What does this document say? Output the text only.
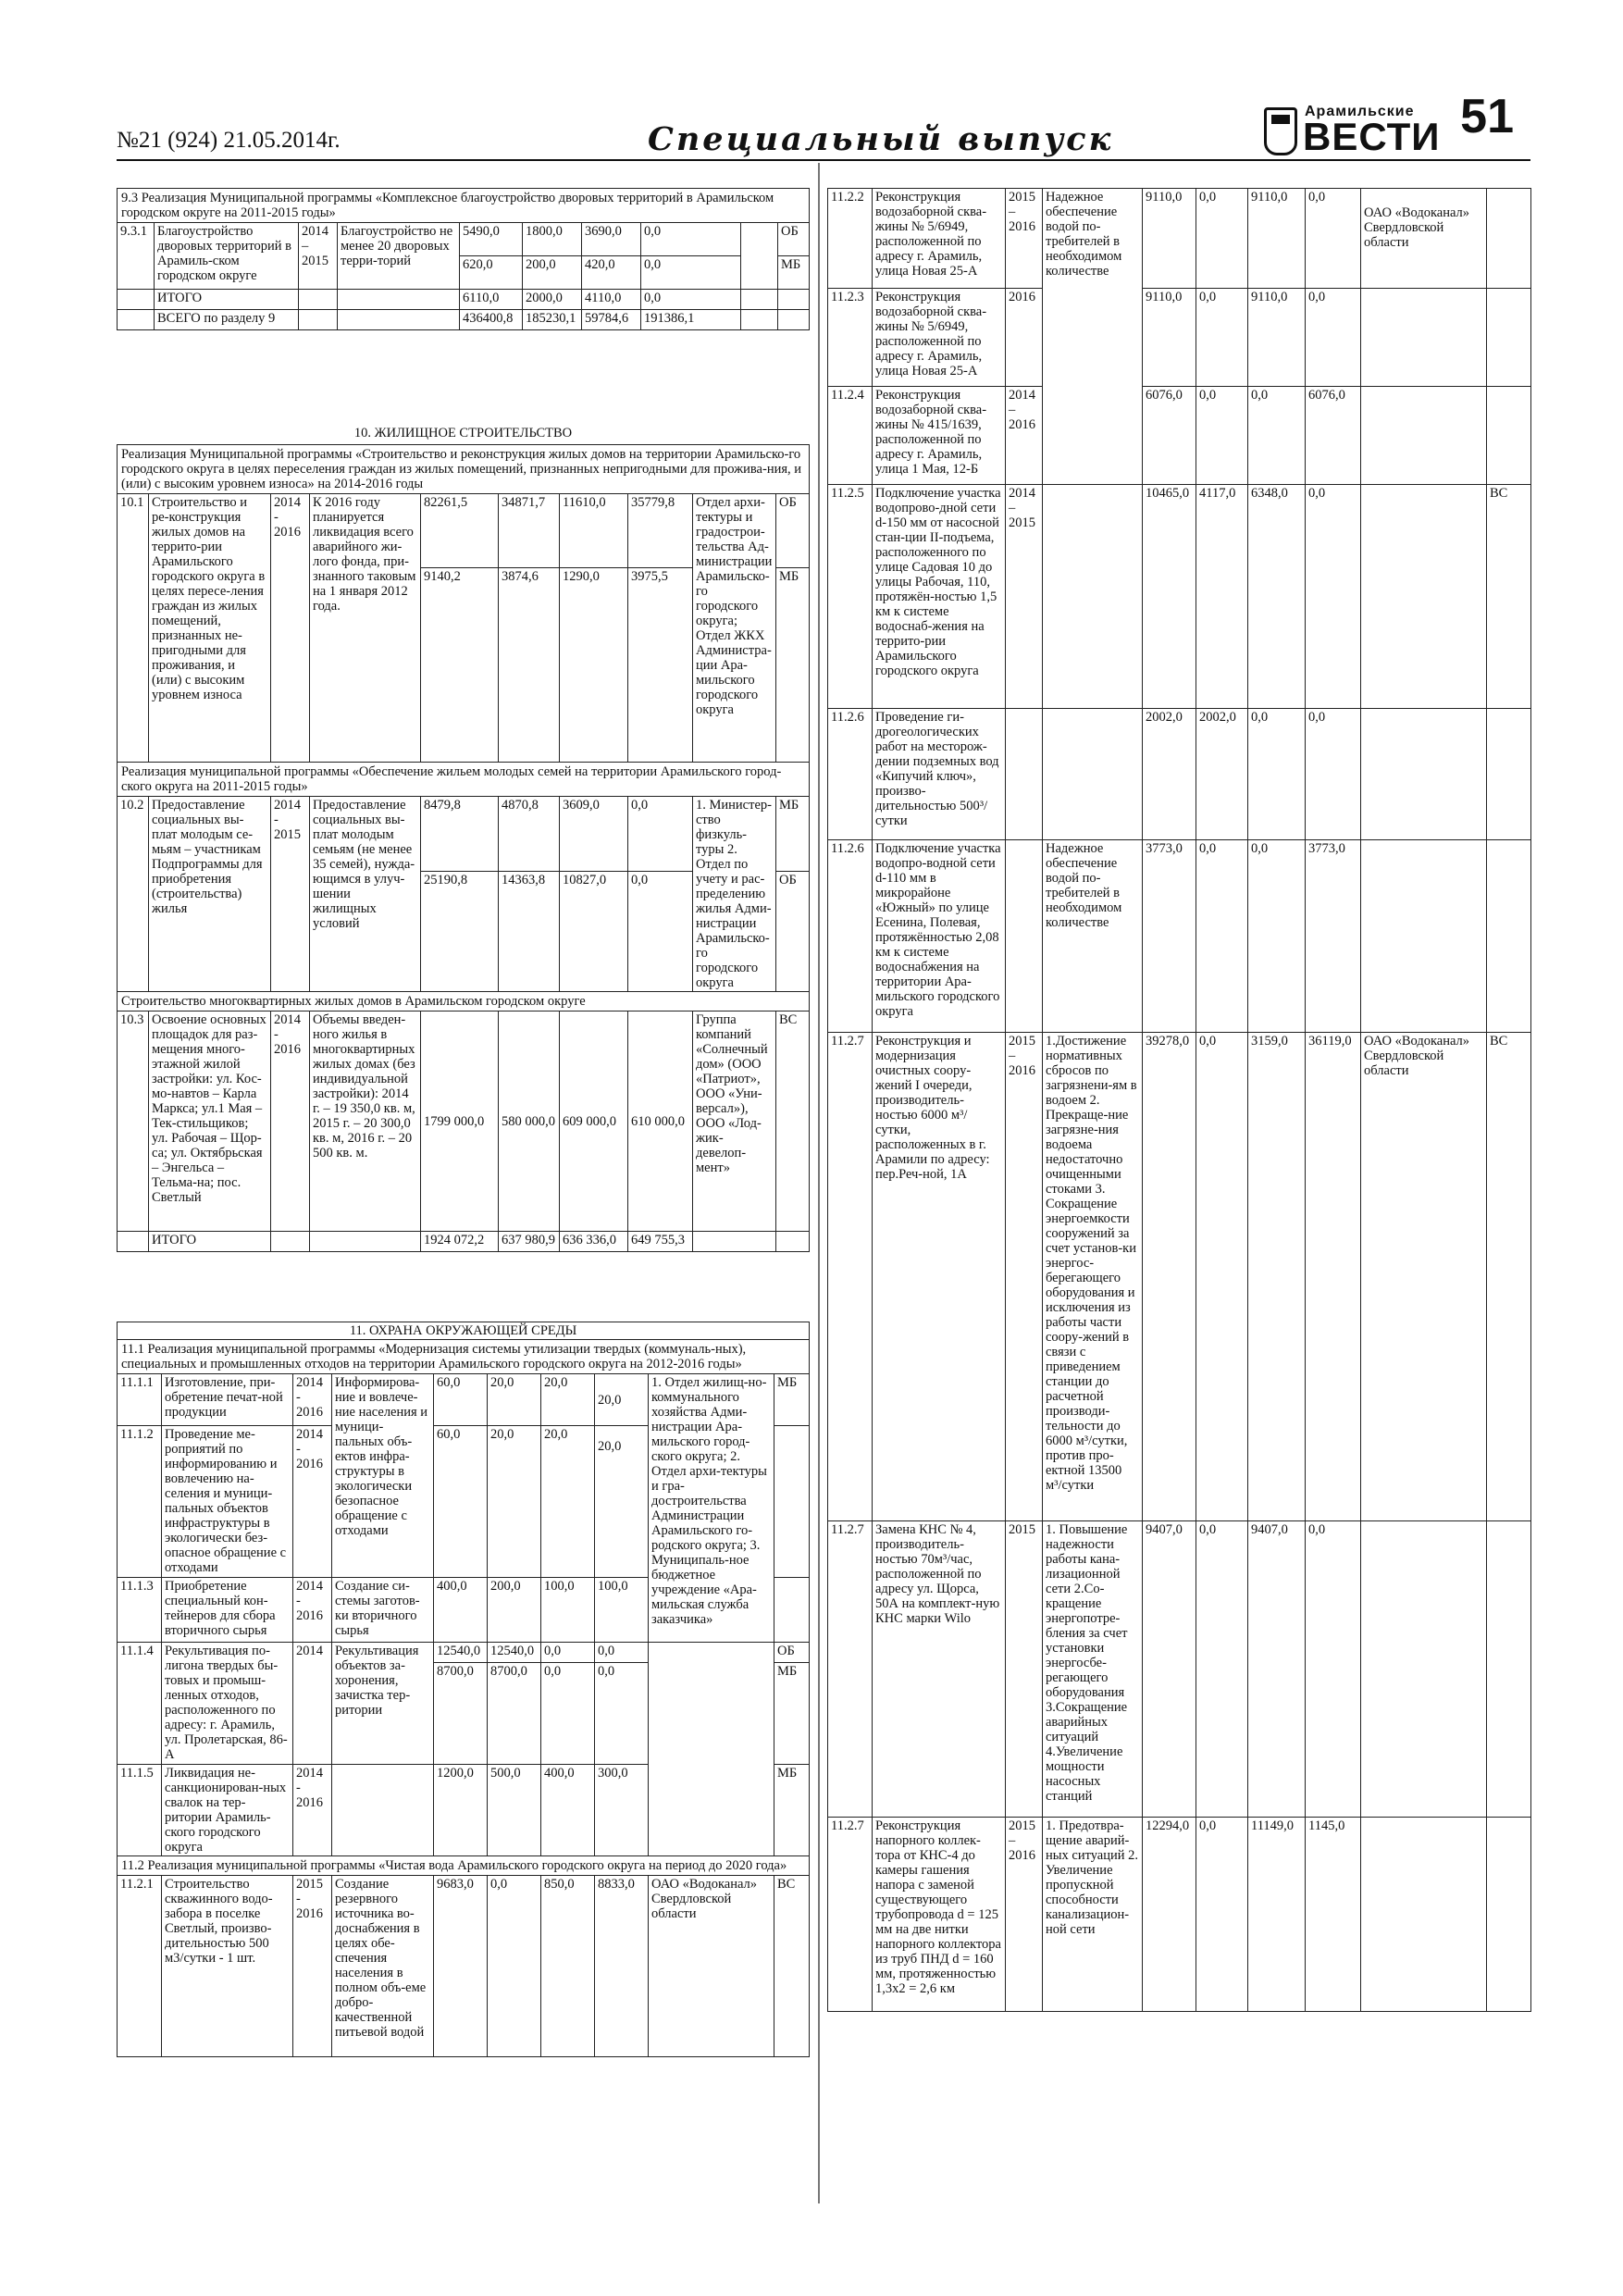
№21 (924) 21.05.2014г.	Специальный выпуск
Арамильские
ВЕСТИ 51
9.3 Реализация Муниципальной программы «Комплексное благоустройство дворовых территорий в Арамильском городском округе на 2011-2015 годы»									
9.3.1	Благоустройство дворовых территорий в Арамиль-ском городском округе	2014 – 2015	Благоустройство не менее 20 дворовых терри-торий	5490,0	1800,0	3690,0	0,0		ОБ
				620,0	200,0	420,0	0,0		МБ
	ИТОГО			6110,0	2000,0	4110,0	0,0		
	ВСЕГО по разделу 9			436400,8	185230,1	59784,6	191386,1		
10. ЖИЛИЩНОЕ СТРОИТЕЛЬСТВО									
Реализация Муниципальной программы «Строительство и реконструкция жилых домов на территории Арамильско-го городского округа в целях переселения граждан из жилых помещений, признанных непригодными для прожива-ния, и (или) с высоким уровнем износа» на 2014-2016 годы									
10.1	Строительство и ре-конструкция жилых домов на террито-рии Арамильского городского округа в целях пересе-ления граждан из жилых помещений, признанных не-пригодными для проживания, и (или) с высоким уровнем износа	2014 - 2016	К 2016 году планируется ликвидация всего аварийного жи-лого фонда, при-знанного таковым на 1 января 2012 года.	82261,5	34871,7	11610,0	35779,8	Отдел архи-тектуры и градострои-тельства Ад-министрации Арамильско-го городского округа; Отдел ЖКХ Администра-ции Ара-мильского городского округа	ОБ
				9140,2	3874,6	1290,0	3975,5		МБ
Реализация муниципальной программы «Обеспечение жильем молодых семей на территории Арамильского город-ского округа на 2011-2015 годы»									
10.2	Предоставление социальных вы-плат молодым се-мьям – участникам Подпрограммы для приобретения (строительства) жилья	2014 - 2015	Предоставление социальных вы-плат молодым семьям (не менее 35 семей), нужда-ющимся в улуч-шении жилищных условий	8479,8	4870,8	3609,0	0,0	1. Министер-ство физкуль-туры 2. Отдел по учету и рас-пределению жилья Адми-нистрации Арамильско-го городского округа	МБ
				25190,8	14363,8	10827,0	0,0		ОБ
Строительство многоквартирных жилых домов в Арамильском городском округе									
10.3	Освоение основных площадок для раз-мещения много-этажной жилой застройки: ул. Кос-мо-навтов – Карла Маркса; ул.1 Мая – Тек-стильщиков; ул. Рабочая – Щор-са; ул. Октябрьская – Энгельса – Тельма-на; пос. Светлый	2014 - 2016	Объемы введен-ного жилья в многоквартирных жилых домах (без индивидуальной застройки): 2014 г. – 19 350,0 кв. м, 2015 г. – 20 300,0 кв. м, 2016 г. – 20 500 кв. м.	1799 000,0	580 000,0	609 000,0	610 000,0	Группа компаний «Солнечный дом» (ООО «Патриот», ООО «Уни-версал»), ООО «Лод-жик-девелоп-мент»	ВС
	ИТОГО			1924 072,2	637 980,9	636 336,0	649 755,3		
11. ОХРАНА ОКРУЖАЮЩЕЙ СРЕДЫ									
11.1 Реализация муниципальной программы «Модернизация системы утилизации твердых (коммуналь-ных), специальных и промышленных отходов на территории Арамильского городского округа на 2012-2016 годы»									
11.1.1	Изготовление, при-обретение печат-ной продукции	2014 - 2016	Информирова-ние и вовлече-ние населения и муници-пальных объ-ектов инфра-структуры в экологически безопасное обращение с отходами	60,0	20,0	20,0	20,0	1. Отдел жилищ-но-коммунального хозяйства Адми-нистрации Ара-мильского город-ского округа; 2. Отдел архи-тектуры и гра-достроительства Администрации Арамильского го-родского округа; 3. Муниципаль-ное бюджетное учреждение «Ара-мильская служба заказчика»	МБ
11.1.2	Проведение ме-роприятий по информированию и вовлечению на-селения и муници-пальных объектов инфраструктуры в экологически без-опасное обращение с отходами	2014 - 2016		60,0	20,0	20,0	20,0		
11.1.3	Приобретение специальный кон-тейнеров для сбора вторичного сырья	2014 - 2016	Создание си-стемы заготов-ки вторичного сырья	400,0	200,0	100,0	100,0		
11.1.4	Рекультивация по-лигона твердых бы-товых и промыш-ленных отходов, расположенного по адресу: г. Арамиль, ул. Пролетарская, 86-А	2014	Рекультивация объектов за-хоронения, зачистка тер-ритории	12540,0	12540,0	0,0	0,0		ОБ
				8700,0	8700,0	0,0	0,0		МБ
11.1.5	Ликвидация не-санкционирован-ных свалок на тер-ритории Арамиль-ского городского округа	2014 - 2016		1200,0	500,0	400,0	300,0		МБ
11.2 Реализация муниципальной программы «Чистая вода Арамильского городского округа на период до 2020 года»									
11.2.1	Строительство скважинного водо-забора в поселке Светлый, произво-дительностью 500 м3/сутки - 1 шт.	2015 - 2016	Создание резервного источника во-доснабжения в целях обе-спечения населения в полном объ-еме добро-качественной питьевой водой	9683,0	0,0	850,0	8833,0	ОАО «Водоканал» Свердловской области	ВС
11.2.2	Реконструкция водозаборной сква-жины № 5/6949, расположенной по адресу г. Арамиль, улица Новая 25-А	2015 – 2016	Надежное обеспечение водой по-требителей в необходимом количестве	9110,0	0,0	9110,0	0,0	ОАО «Водоканал» Свердловской области	
11.2.3	Реконструкция водозаборной сква-жины № 5/6949, расположенной по адресу г. Арамиль, улица Новая 25-А	2016		9110,0	0,0	9110,0	0,0		
11.2.4	Реконструкция водозаборной сква-жины № 415/1639, расположенной по адресу г. Арамиль, улица 1 Мая, 12-Б	2014 – 2016		6076,0	0,0	0,0	6076,0		
11.2.5	Подключение участка водопрово-дной сети d-150 мм от насосной стан-ции II-подъема, расположенного по улице Садовая 10 до улицы Рабочая, 110, протяжён-ностью 1,5 км к системе водоснаб-жения на террито-рии Арамильского городского округа	2014 – 2015		10465,0	4117,0	6348,0	0,0		ВС
11.2.6	Проведение ги-дрогеологических работ на месторож-дении подземных вод «Кипучий ключ», произво-дительностью 500³/сутки			2002,0	2002,0	0,0	0,0		
11.2.6	Подключение участка водопро-водной сети d-110 мм в микрорайоне «Южный» по улице Есенина, Полевая, протяжённостью 2,08 км к системе водоснабжения на территории Ара-мильского городского округа		Надежное обеспечение водой по-требителей в необходимом количестве	3773,0	0,0	0,0	3773,0		
11.2.7	Реконструкция и модернизация очистных соору-жений I очереди, производитель-ностью 6000 м³/сутки, расположенных в г. Арамили по адресу: пер.Реч-ной, 1А	2015 – 2016	1.Достижение нормативных сбросов по загрязнени-ям в водоем 2. Прекраще-ние загрязне-ния водоема недостаточно очищенными стоками 3. Сокращение энергоемкости сооружений за счет установ-ки энергос-берегающего оборудования и исключения из работы части соору-жений в связи с приведением станции до расчетной производи-тельности до 6000 м³/сутки, против про-ектной 13500 м³/сутки	39278,0	0,0	3159,0	36119,0	ОАО «Водоканал» Свердловской области	ВС
11.2.7	Замена КНС № 4, производитель-ностью 70м³/час, расположенной по адресу ул. Щорса, 50А на комплект-ную КНС марки Wilo	2015	1. Повышение надежности работы кана-лизационной сети 2.Со-кращение энергопотре-бления за счет установки энергосбе-регающего оборудования 3.Сокращение аварийных ситуаций 4.Увеличение мощности насосных станций	9407,0	0,0	9407,0	0,0		
11.2.7	Реконструкция напорного коллек-тора от КНС-4 до камеры гашения напора с заменой существующего трубопровода d = 125 мм на две нитки напорного коллектора из труб ПНД d = 160 мм, протяженностью 1,3х2 = 2,6 км	2015 – 2016	1. Предотвра-щение аварий-ных ситуаций 2. Увеличение пропускной способности канализацион-ной сети	12294,0	0,0	11149,0	1145,0		
